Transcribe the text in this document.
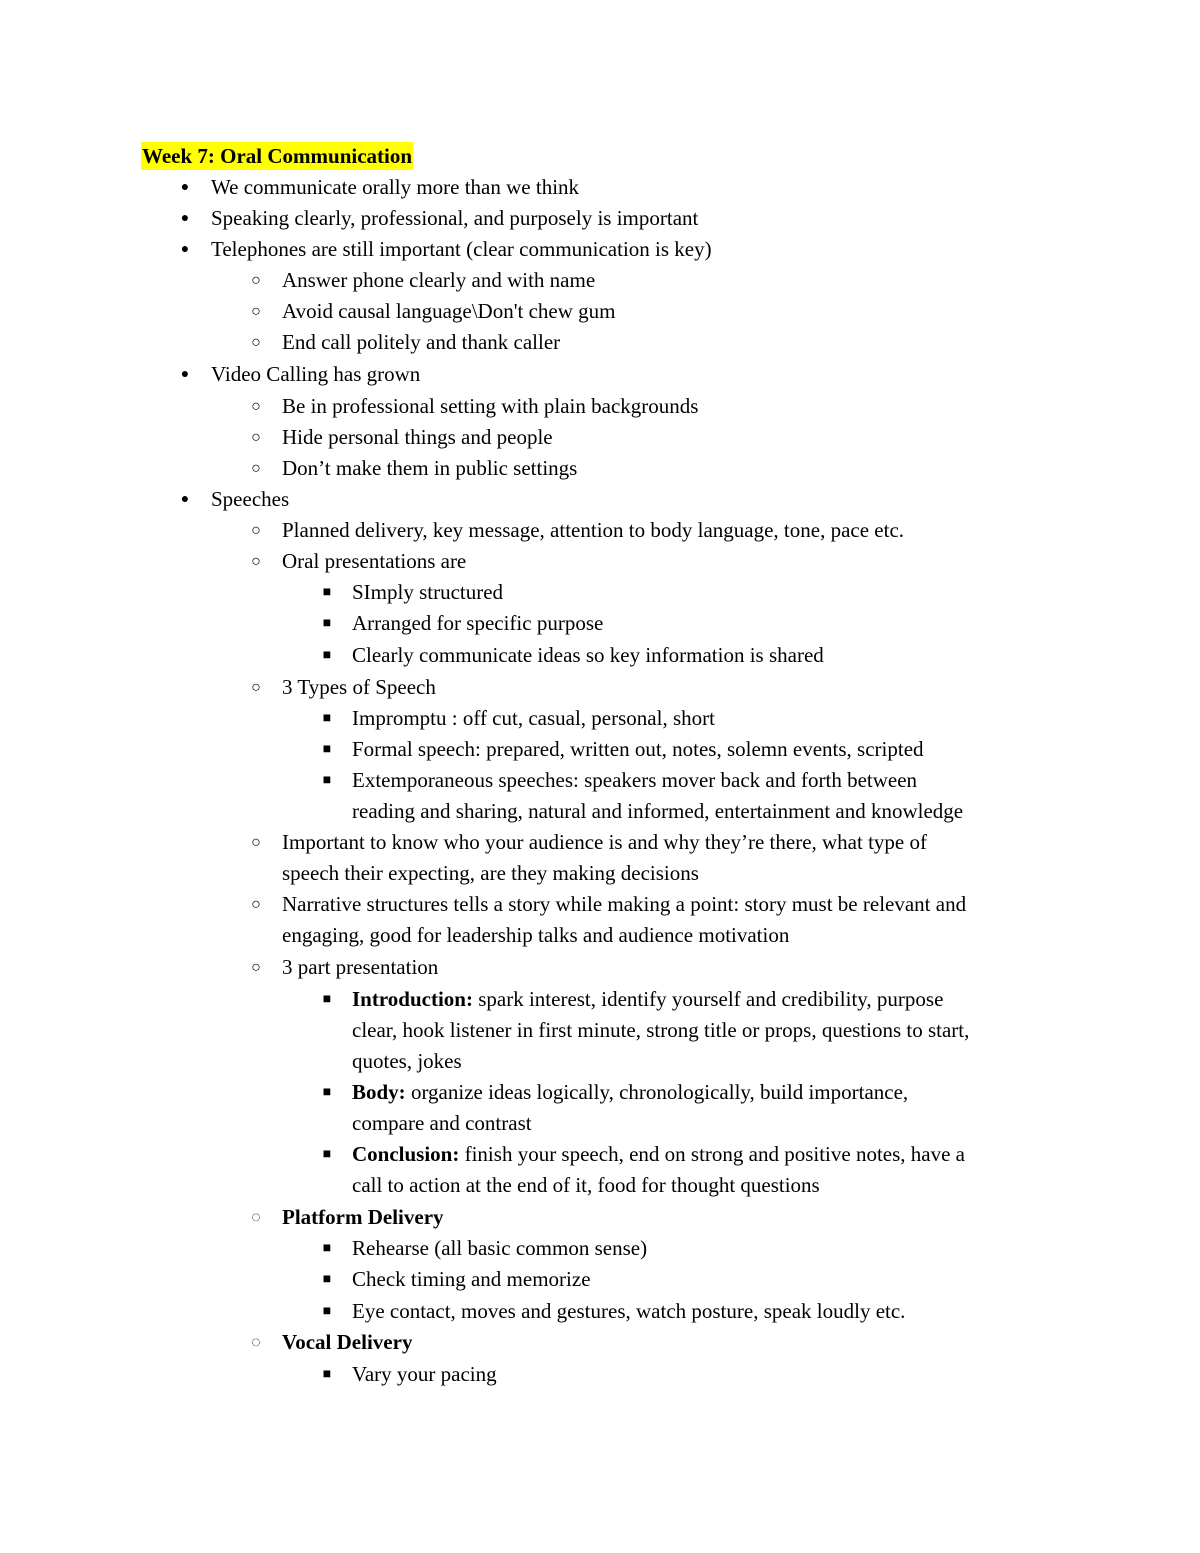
Week 7: Oral Communication
● We communicate orally more than we think
● Speaking clearly, professional, and purposely is important
● Telephones are still important (clear communication is key)
○ Answer phone clearly and with name
○ Avoid causal language\Don't chew gum
○ End call politely and thank caller
● Video Calling has grown
○ Be in professional setting with plain backgrounds
○ Hide personal things and people
○ Don’t make them in public settings
● Speeches
○ Planned delivery, key message, attention to body language, tone, pace etc.
○ Oral presentations are
■ SImply structured
■ Arranged for specific purpose
■ Clearly communicate ideas so key information is shared
○ 3 Types of Speech
■ Impromptu : off cut, casual, personal, short
■ Formal speech: prepared, written out, notes, solemn events, scripted
■ Extemporaneous speeches: speakers mover back and forth between
reading and sharing, natural and informed, entertainment and knowledge
○ Important to know who your audience is and why they’re there, what type of
speech their expecting, are they making decisions
○ Narrative structures tells a story while making a point: story must be relevant and
engaging, good for leadership talks and audience motivation
○ 3 part presentation
■ Introduction: spark interest, identify yourself and credibility, purpose
clear, hook listener in first minute, strong title or props, questions to start,
quotes, jokes
■ Body: organize ideas logically, chronologically, build importance,
compare and contrast
■ Conclusion: finish your speech, end on strong and positive notes, have a
call to action at the end of it, food for thought questions
◌ Platform Delivery
■ Rehearse (all basic common sense)
■ Check timing and memorize
■ Eye contact, moves and gestures, watch posture, speak loudly etc.
◌ Vocal Delivery
■ Vary your pacing
